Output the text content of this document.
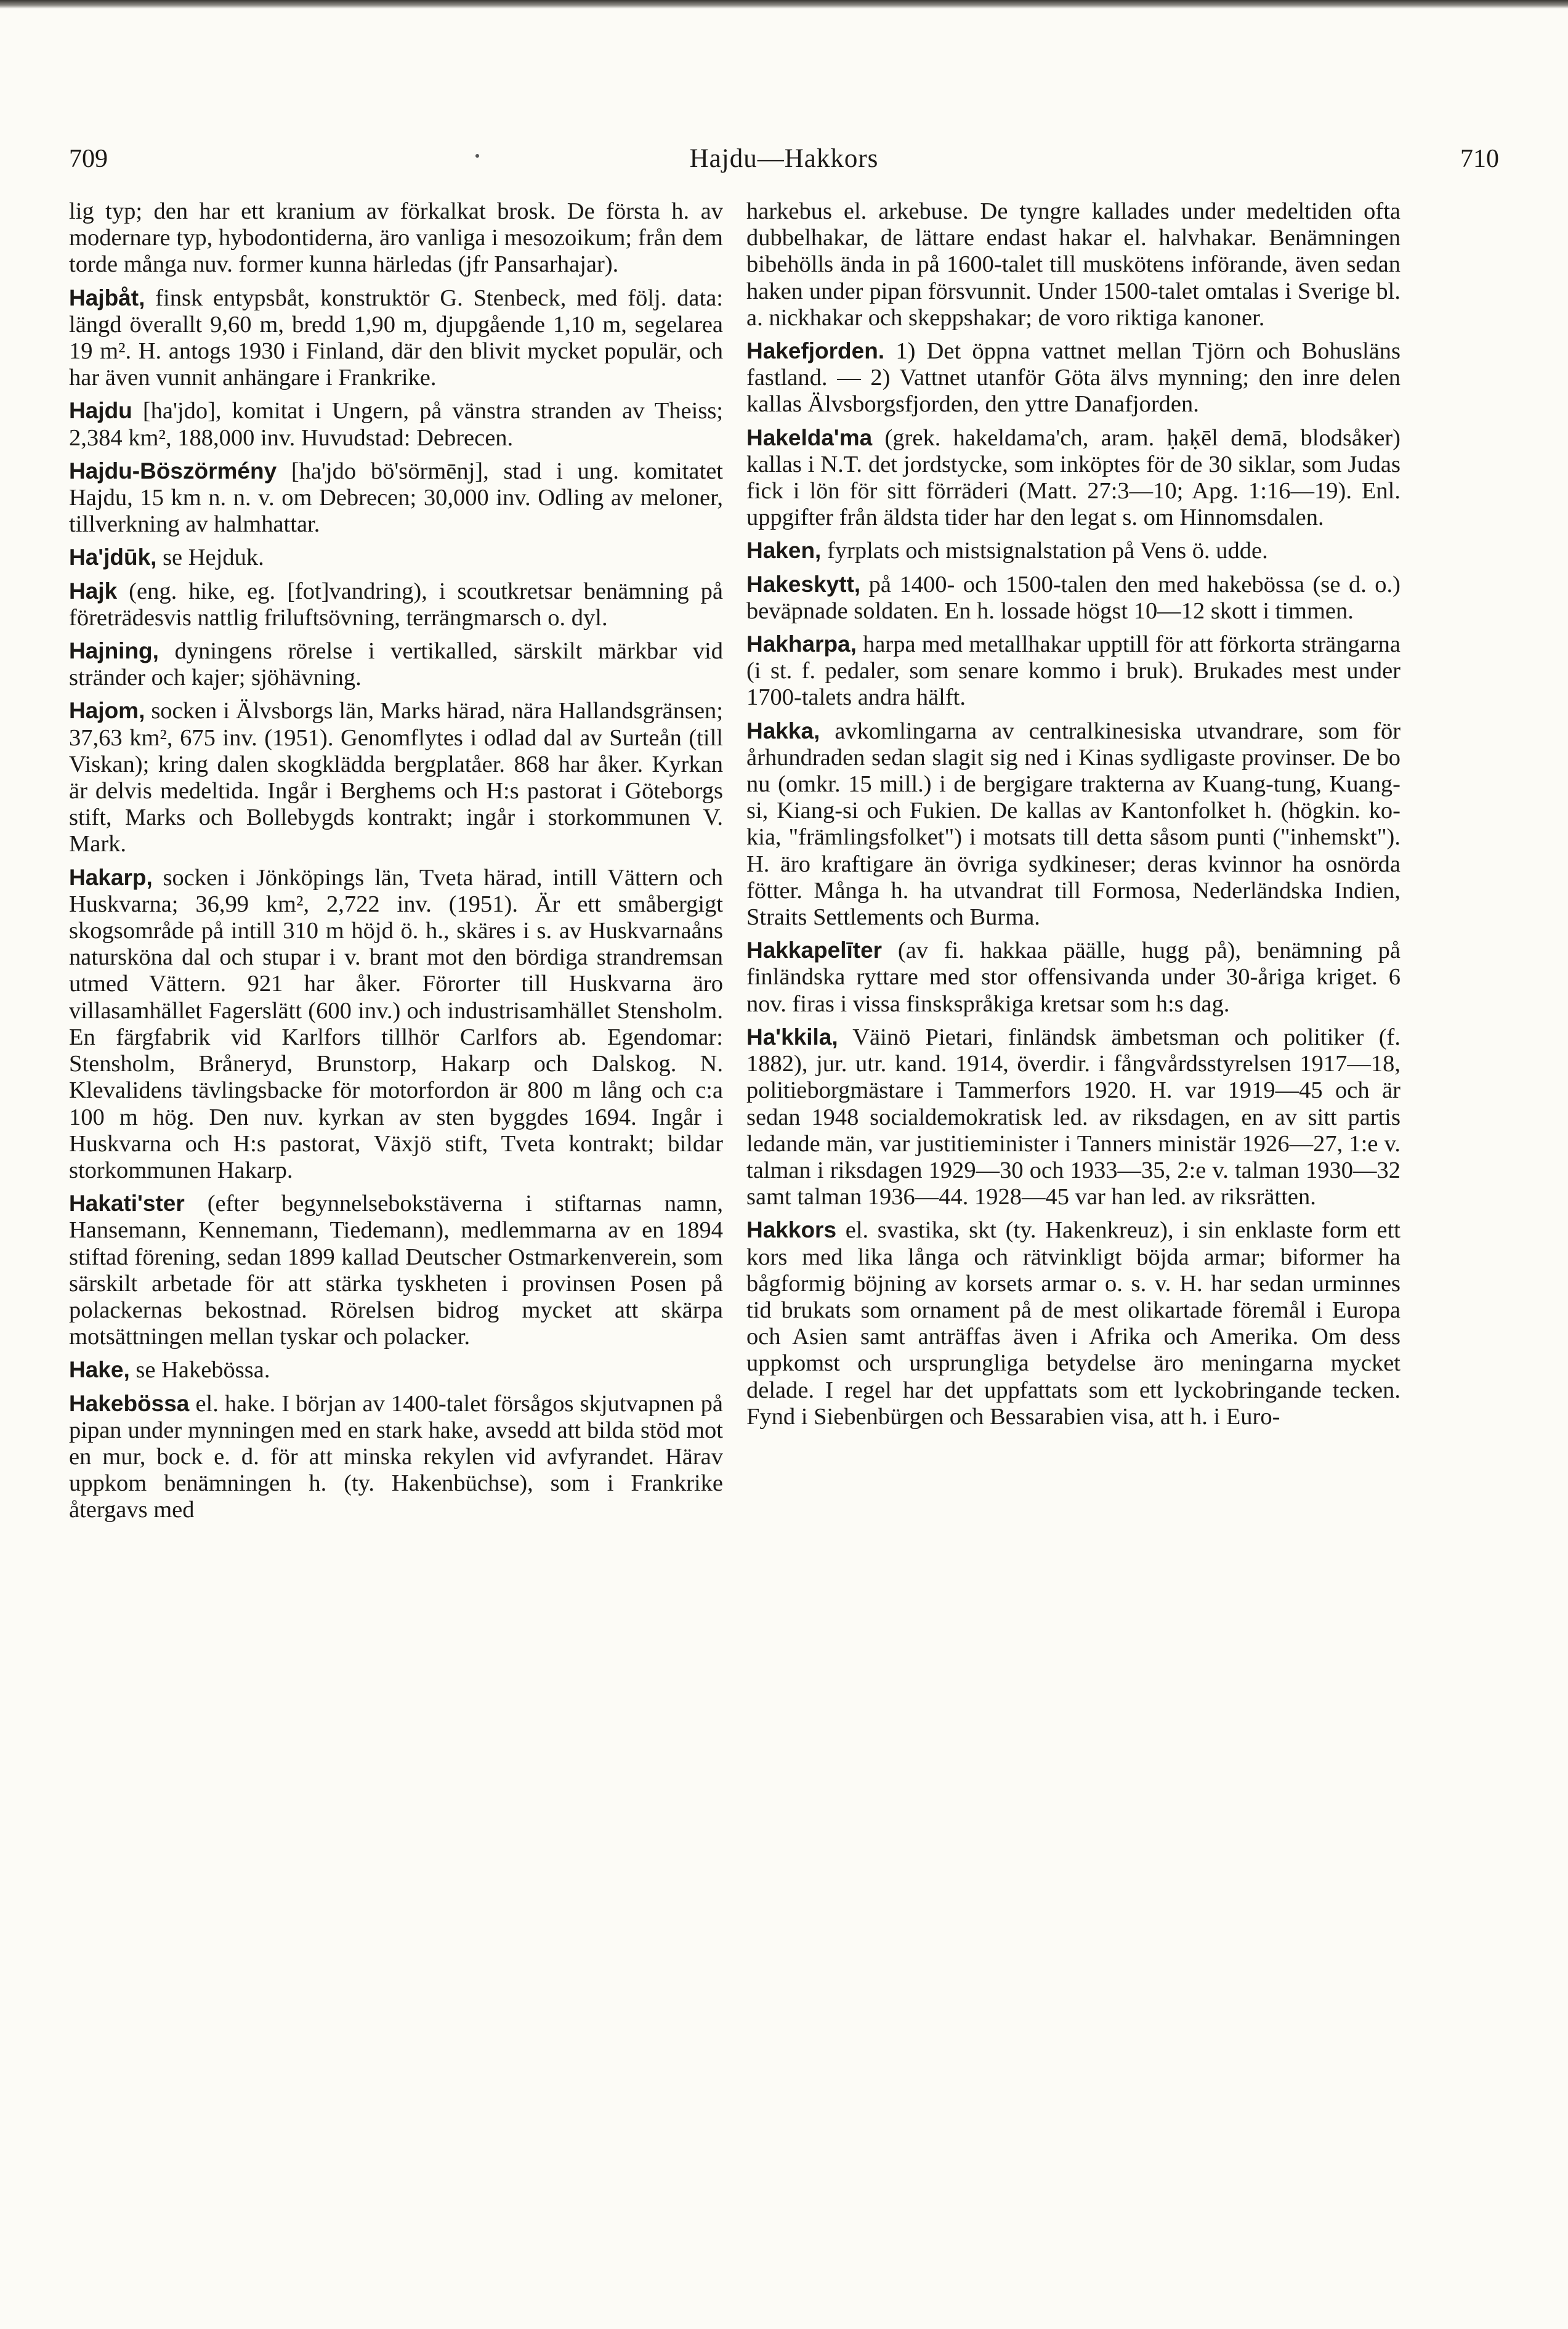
709	Hajdu—Hakkors	710

lig typ; den har ett kranium av förkalkat brosk. De första h. av modernare typ, hybodontiderna, äro vanliga i mesozoikum; från dem torde många nuv. former kunna härledas (jfr Pansarhajar).

Hajbåt, finsk entypsbåt, konstruktör G. Stenbeck, med följ. data: längd överallt 9,60 m, bredd 1,90 m, djupgående 1,10 m, segelarea 19 m². H. antogs 1930 i Finland, där den blivit mycket populär, och har även vunnit anhängare i Frankrike.

Hajdu [ha'jdo], komitat i Ungern, på vänstra stranden av Theiss; 2,384 km², 188,000 inv. Huvudstad: Debrecen.

Hajdu-Böszörmény [ha'jdo bö'sörmēnj], stad i ung. komitatet Hajdu, 15 km n. n. v. om Debrecen; 30,000 inv. Odling av meloner, tillverkning av halmhattar.

Ha'jdūk, se Hejduk.

Hajk (eng. hike, eg. [fot]vandring), i scoutkretsar benämning på företrädesvis nattlig friluftsövning, terrängmarsch o. dyl.

Hajning, dyningens rörelse i vertikalled, särskilt märkbar vid stränder och kajer; sjöhävning.

Hajom, socken i Älvsborgs län, Marks härad, nära Hallandsgränsen; 37,63 km², 675 inv. (1951). Genomflytes i odlad dal av Surteån (till Viskan); kring dalen skogklädda bergplatåer. 868 har åker. Kyrkan är delvis medeltida. Ingår i Berghems och H:s pastorat i Göteborgs stift, Marks och Bollebygds kontrakt; ingår i storkommunen V. Mark.

Hakarp, socken i Jönköpings län, Tveta härad, intill Vättern och Huskvarna; 36,99 km², 2,722 inv. (1951). Är ett småbergigt skogsområde på intill 310 m höjd ö. h., skäres i s. av Huskvarnaåns natursköna dal och stupar i v. brant mot den bördiga strandremsan utmed Vättern. 921 har åker. Förorter till Huskvarna äro villasamhället Fagerslätt (600 inv.) och industrisamhället Stensholm. En färgfabrik vid Karlfors tillhör Carlfors ab. Egendomar: Stensholm, Bråneryd, Brunstorp, Hakarp och Dalskog. N. Klevalidens tävlingsbacke för motorfordon är 800 m lång och c:a 100 m hög. Den nuv. kyrkan av sten byggdes 1694. Ingår i Huskvarna och H:s pastorat, Växjö stift, Tveta kontrakt; bildar storkommunen Hakarp.

Hakati'ster (efter begynnelsebokstäverna i stiftarnas namn, Hansemann, Kennemann, Tiedemann), medlemmarna av en 1894 stiftad förening, sedan 1899 kallad Deutscher Ostmarkenverein, som särskilt arbetade för att stärka tyskheten i provinsen Posen på polackernas bekostnad. Rörelsen bidrog mycket att skärpa motsättningen mellan tyskar och polacker.

Hake, se Hakebössa.

Hakebössa el. hake. I början av 1400-talet försågos skjutvapnen på pipan under mynningen med en stark hake, avsedd att bilda stöd mot en mur, bock e. d. för att minska rekylen vid avfyrandet. Härav uppkom benämningen h. (ty. Hakenbüchse), som i Frankrike återgavs med

harkebus el. arkebuse. De tyngre kallades under medeltiden ofta dubbelhakar, de lättare endast hakar el. halvhakar. Benämningen bibehölls ända in på 1600-talet till muskötens införande, även sedan haken under pipan försvunnit. Under 1500-talet omtalas i Sverige bl. a. nickhakar och skeppshakar; de voro riktiga kanoner.

Hakefjorden. 1) Det öppna vattnet mellan Tjörn och Bohusläns fastland. — 2) Vattnet utanför Göta älvs mynning; den inre delen kallas Älvsborgsfjorden, den yttre Danafjorden.

Hakelda'ma (grek. hakeldama'ch, aram. ḥaḳēl demā, blodsåker) kallas i N.T. det jordstycke, som inköptes för de 30 siklar, som Judas fick i lön för sitt förräderi (Matt. 27:3—10; Apg. 1:16—19). Enl. uppgifter från äldsta tider har den legat s. om Hinnomsdalen.

Haken, fyrplats och mistsignalstation på Vens ö. udde.

Hakeskytt, på 1400- och 1500-talen den med hakebössa (se d. o.) beväpnade soldaten. En h. lossade högst 10—12 skott i timmen.

Hakharpa, harpa med metallhakar upptill för att förkorta strängarna (i st. f. pedaler, som senare kommo i bruk). Brukades mest under 1700-talets andra hälft.

Hakka, avkomlingarna av centralkinesiska utvandrare, som för århundraden sedan slagit sig ned i Kinas sydligaste provinser. De bo nu (omkr. 15 mill.) i de bergigare trakterna av Kuang-tung, Kuang-si, Kiang-si och Fukien. De kallas av Kantonfolket h. (högkin. ko-kia, "främlingsfolket") i motsats till detta såsom punti ("inhemskt"). H. äro kraftigare än övriga sydkineser; deras kvinnor ha osnörda fötter. Många h. ha utvandrat till Formosa, Nederländska Indien, Straits Settlements och Burma.

Hakkapelīter (av fi. hakkaa päälle, hugg på), benämning på finländska ryttare med stor offensivanda under 30-åriga kriget. 6 nov. firas i vissa finskspråkiga kretsar som h:s dag.

Ha'kkila, Väinö Pietari, finländsk ämbetsman och politiker (f. 1882), jur. utr. kand. 1914, överdir. i fångvårdsstyrelsen 1917—18, politieborgmästare i Tammerfors 1920. H. var 1919—45 och är sedan 1948 socialdemokratisk led. av riksdagen, en av sitt partis ledande män, var justitieminister i Tanners ministär 1926—27, 1:e v. talman i riksdagen 1929—30 och 1933—35, 2:e v. talman 1930—32 samt talman 1936—44. 1928—45 var han led. av riksrätten.

Hakkors el. svastika, skt (ty. Hakenkreuz), i sin enklaste form ett kors med lika långa och rätvinkligt böjda armar; biformer ha bågformig böjning av korsets armar o. s. v. H. har sedan urminnes tid brukats som ornament på de mest olikartade föremål i Europa och Asien samt anträffas även i Afrika och Amerika. Om dess uppkomst och ursprungliga betydelse äro meningarna mycket delade. I regel har det uppfattats som ett lyckobringande tecken. Fynd i Siebenbürgen och Bessarabien visa, att h. i Euro-
